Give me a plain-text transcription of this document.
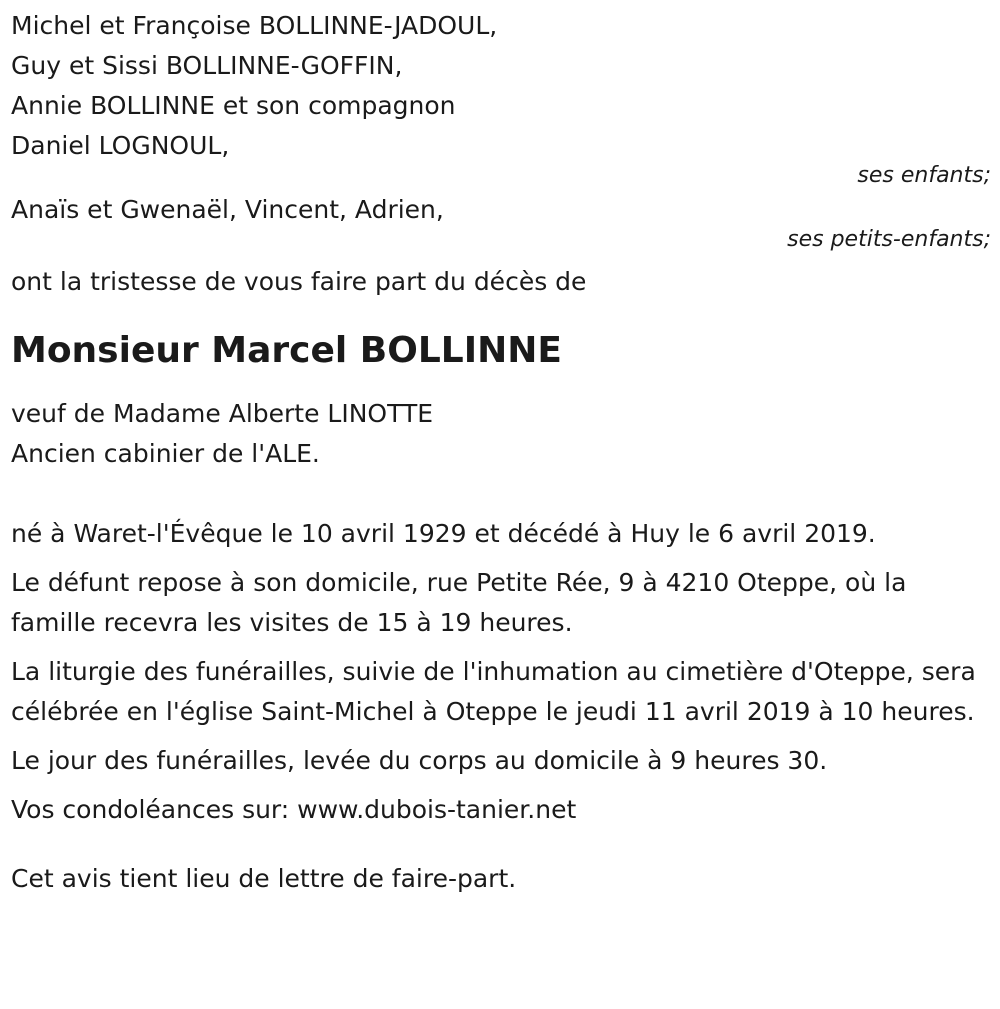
Michel et Françoise BOLLINNE-JADOUL,
Guy et Sissi BOLLINNE-GOFFIN,
Annie BOLLINNE et son compagnon
Daniel LOGNOUL,
ses enfants;
Anaïs et Gwenaël, Vincent, Adrien,
ses petits-enfants;
ont la tristesse de vous faire part du décès de
Monsieur Marcel BOLLINNE
veuf de Madame Alberte LINOTTE
Ancien cabinier de l'ALE.
né à Waret-l'Évêque le 10 avril 1929 et décédé à Huy le 6 avril 2019.
Le défunt repose à son domicile, rue Petite Rée, 9 à 4210 Oteppe, où la famille recevra les visites de 15 à 19 heures.
La liturgie des funérailles, suivie de l'inhumation au cimetière d'Oteppe, sera célébrée en l'église Saint-Michel à Oteppe le jeudi 11 avril 2019 à 10 heures.
Le jour des funérailles, levée du corps au domicile à 9 heures 30.
Vos condoléances sur: www.dubois-tanier.net
Cet avis tient lieu de lettre de faire-part.
